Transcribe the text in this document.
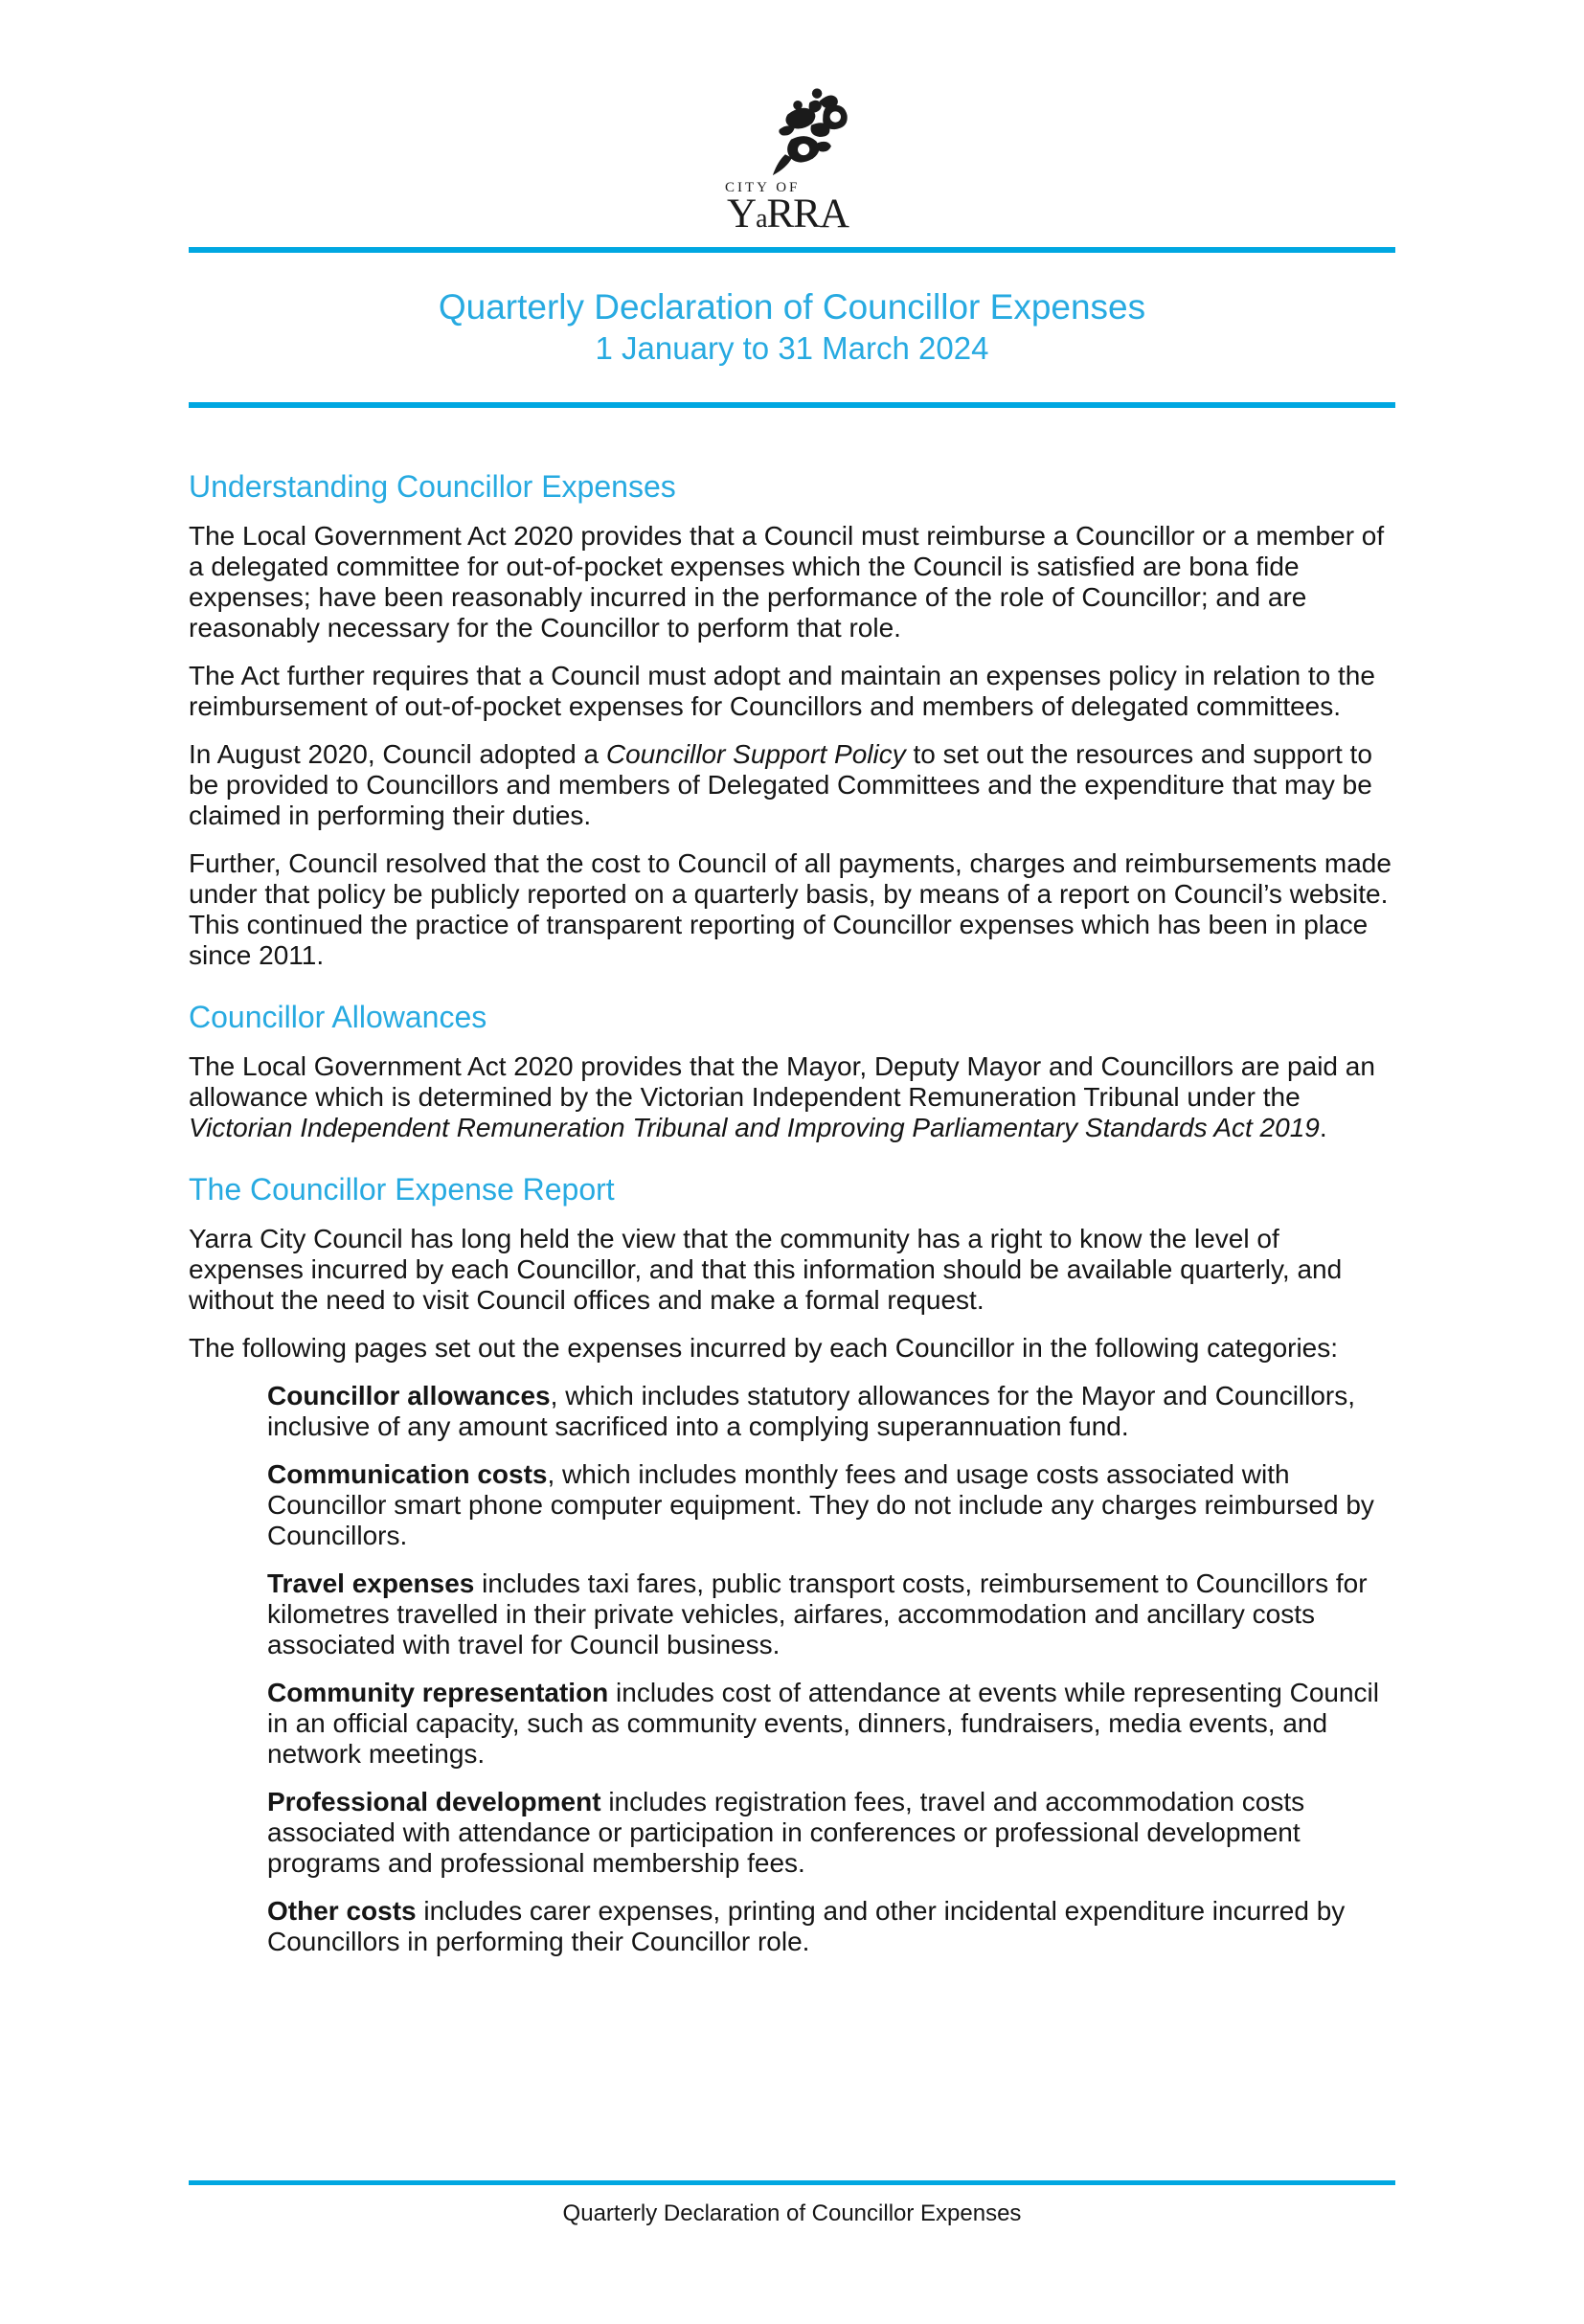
CITY OF
YaRRA
Quarterly Declaration of Councillor Expenses
1 January to 31 March 2024
Understanding Councillor Expenses

The Local Government Act 2020 provides that a Council must reimburse a Councillor or a member of a delegated committee for out-of-pocket expenses which the Council is satisfied are bona fide expenses; have been reasonably incurred in the performance of the role of Councillor; and are reasonably necessary for the Councillor to perform that role.

The Act further requires that a Council must adopt and maintain an expenses policy in relation to the reimbursement of out-of-pocket expenses for Councillors and members of delegated committees.

In August 2020, Council adopted a Councillor Support Policy to set out the resources and support to be provided to Councillors and members of Delegated Committees and the expenditure that may be claimed in performing their duties.

Further, Council resolved that the cost to Council of all payments, charges and reimbursements made under that policy be publicly reported on a quarterly basis, by means of a report on Council’s website. This continued the practice of transparent reporting of Councillor expenses which has been in place since 2011.

Councillor Allowances

The Local Government Act 2020 provides that the Mayor, Deputy Mayor and Councillors are paid an allowance which is determined by the Victorian Independent Remuneration Tribunal under the Victorian Independent Remuneration Tribunal and Improving Parliamentary Standards Act 2019.

The Councillor Expense Report

Yarra City Council has long held the view that the community has a right to know the level of expenses incurred by each Councillor, and that this information should be available quarterly, and without the need to visit Council offices and make a formal request.

The following pages set out the expenses incurred by each Councillor in the following categories:

Councillor allowances, which includes statutory allowances for the Mayor and Councillors, inclusive of any amount sacrificed into a complying superannuation fund.

Communication costs, which includes monthly fees and usage costs associated with Councillor smart phone computer equipment. They do not include any charges reimbursed by Councillors.

Travel expenses includes taxi fares, public transport costs, reimbursement to Councillors for kilometres travelled in their private vehicles, airfares, accommodation and ancillary costs associated with travel for Council business.

Community representation includes cost of attendance at events while representing Council in an official capacity, such as community events, dinners, fundraisers, media events, and network meetings.

Professional development includes registration fees, travel and accommodation costs associated with attendance or participation in conferences or professional development programs and professional membership fees.

Other costs includes carer expenses, printing and other incidental expenditure incurred by Councillors in performing their Councillor role.

Quarterly Declaration of Councillor Expenses
